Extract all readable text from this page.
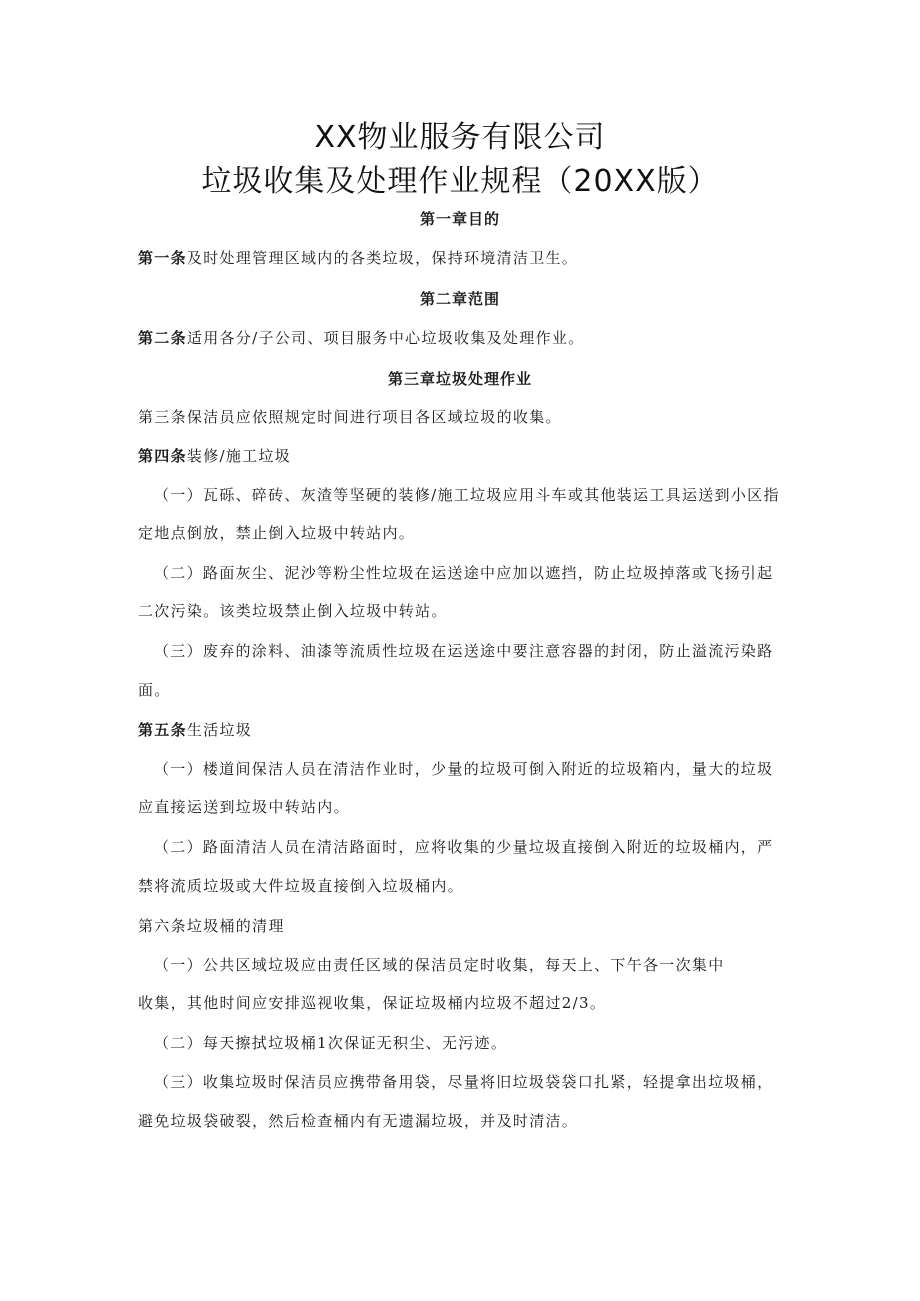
XX物业服务有限公司
垃圾收集及处理作业规程（20XX版）
第一章目的
第一条及时处理管理区域内的各类垃圾，保持环境清洁卫生。
第二章范围
第二条适用各分/子公司、项目服务中心垃圾收集及处理作业。
第三章垃圾处理作业
第三条保洁员应依照规定时间进行项目各区域垃圾的收集。
第四条装修/施工垃圾
（一）瓦砾、碎砖、灰渣等坚硬的装修/施工垃圾应用斗车或其他装运工具运送到小区指
定地点倒放，禁止倒入垃圾中转站内。
（二）路面灰尘、泥沙等粉尘性垃圾在运送途中应加以遮挡，防止垃圾掉落或飞扬引起
二次污染。该类垃圾禁止倒入垃圾中转站。
（三）废弃的涂料、油漆等流质性垃圾在运送途中要注意容器的封闭，防止溢流污染路
面。
第五条生活垃圾
（一）楼道间保洁人员在清洁作业时，少量的垃圾可倒入附近的垃圾箱内，量大的垃圾
应直接运送到垃圾中转站内。
（二）路面清洁人员在清洁路面时，应将收集的少量垃圾直接倒入附近的垃圾桶内，严
禁将流质垃圾或大件垃圾直接倒入垃圾桶内。
第六条垃圾桶的清理
（一）公共区域垃圾应由责任区域的保洁员定时收集，每天上、下午各一次集中
收集，其他时间应安排巡视收集，保证垃圾桶内垃圾不超过2/3。
（二）每天擦拭垃圾桶1次保证无积尘、无污迹。
（三）收集垃圾时保洁员应携带备用袋，尽量将旧垃圾袋袋口扎紧，轻提拿出垃圾桶，
避免垃圾袋破裂，然后检查桶内有无遗漏垃圾，并及时清洁。
